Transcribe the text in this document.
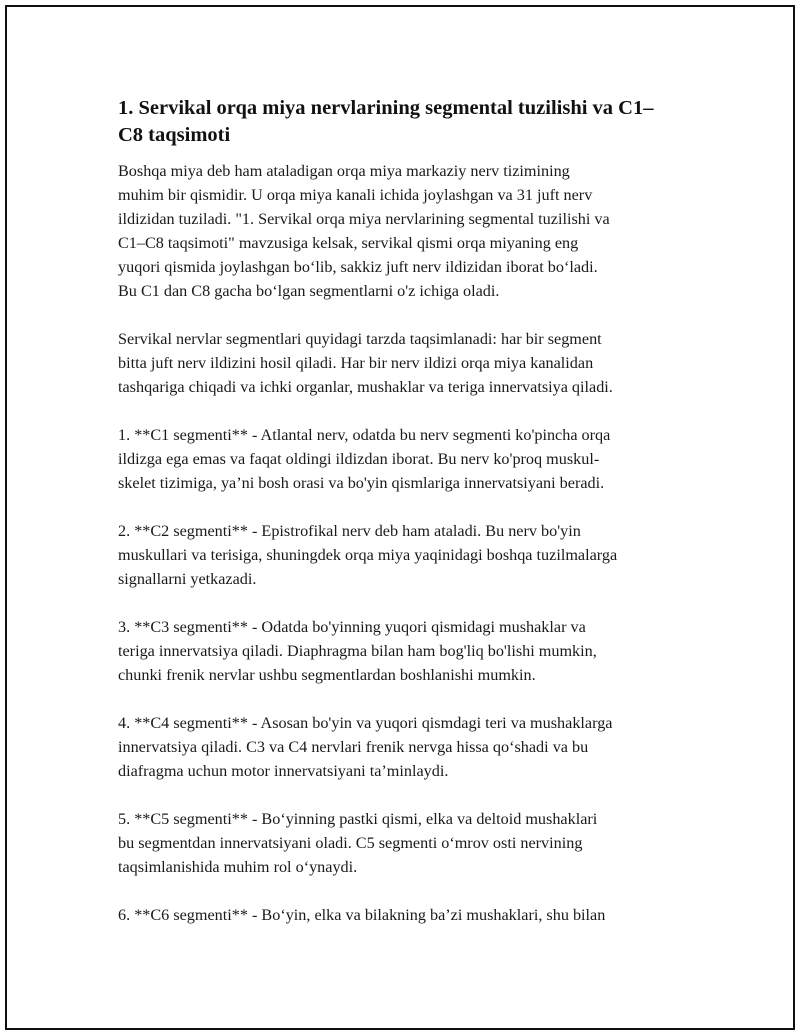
1. Servikal orqa miya nervlarining segmental tuzilishi va C1–
C8 taqsimoti

Boshqa miya deb ham ataladigan orqa miya markaziy nerv tizimining
muhim bir qismidir. U orqa miya kanali ichida joylashgan va 31 juft nerv
ildizidan tuziladi. "1. Servikal orqa miya nervlarining segmental tuzilishi va
C1–C8 taqsimoti" mavzusiga kelsak, servikal qismi orqa miyaning eng
yuqori qismida joylashgan bo‘lib, sakkiz juft nerv ildizidan iborat bo‘ladi.
Bu C1 dan C8 gacha bo‘lgan segmentlarni o'z ichiga oladi.

Servikal nervlar segmentlari quyidagi tarzda taqsimlanadi: har bir segment
bitta juft nerv ildizini hosil qiladi. Har bir nerv ildizi orqa miya kanalidan
tashqariga chiqadi va ichki organlar, mushaklar va teriga innervatsiya qiladi.

1. **C1 segmenti** - Atlantal nerv, odatda bu nerv segmenti ko'pincha orqa
ildizga ega emas va faqat oldingi ildizdan iborat. Bu nerv ko'proq muskul-
skelet tizimiga, ya’ni bosh orasi va bo'yin qismlariga innervatsiyani beradi.

2. **C2 segmenti** - Epistrofikal nerv deb ham ataladi. Bu nerv bo'yin
muskullari va terisiga, shuningdek orqa miya yaqinidagi boshqa tuzilmalarga
signallarni yetkazadi.

3. **C3 segmenti** - Odatda bo'yinning yuqori qismidagi mushaklar va
teriga innervatsiya qiladi. Diaphragma bilan ham bog'liq bo'lishi mumkin,
chunki frenik nervlar ushbu segmentlardan boshlanishi mumkin.

4. **C4 segmenti** - Asosan bo'yin va yuqori qismdagi teri va mushaklarga
innervatsiya qiladi. C3 va C4 nervlari frenik nervga hissa qo‘shadi va bu
diafragma uchun motor innervatsiyani ta’minlaydi.

5. **C5 segmenti** - Bo‘yinning pastki qismi, elka va deltoid mushaklari
bu segmentdan innervatsiyani oladi. C5 segmenti o‘mrov osti nervining
taqsimlanishida muhim rol o‘ynaydi.

6. **C6 segmenti** - Bo‘yin, elka va bilakning ba’zi mushaklari, shu bilan
